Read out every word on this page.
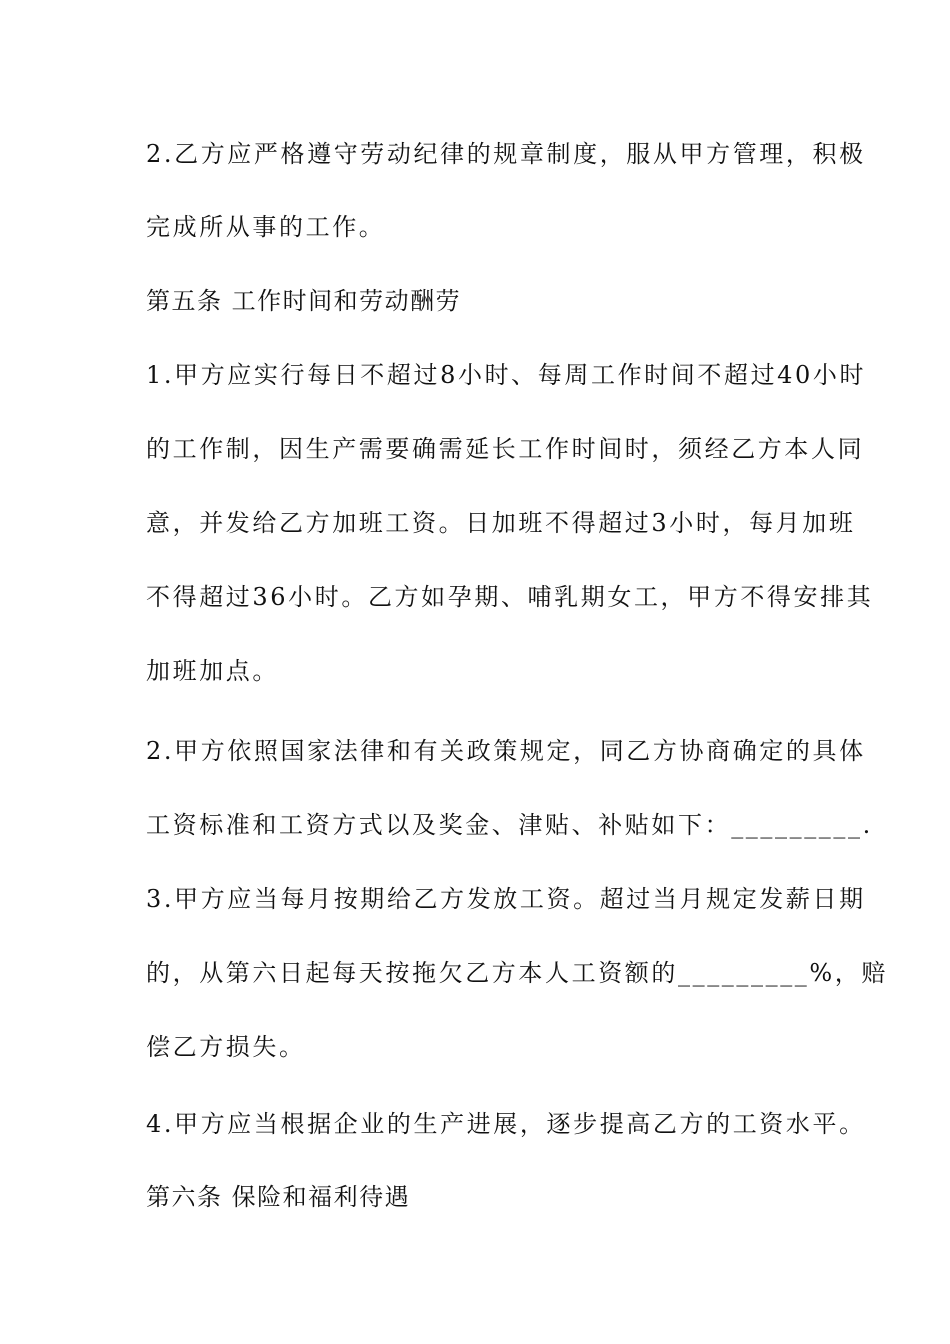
2.乙方应严格遵守劳动纪律的规章制度，服从甲方管理，积极
完成所从事的工作。
第五条 工作时间和劳动酬劳
1.甲方应实行每日不超过8小时、每周工作时间不超过40小时
的工作制，因生产需要确需延长工作时间时，须经乙方本人同
意，并发给乙方加班工资。日加班不得超过3小时，每月加班
不得超过36小时。乙方如孕期、哺乳期女工，甲方不得安排其
加班加点。
2.甲方依照国家法律和有关政策规定，同乙方协商确定的具体
工资标准和工资方式以及奖金、津贴、补贴如下：_________.
3.甲方应当每月按期给乙方发放工资。超过当月规定发薪日期
的，从第六日起每天按拖欠乙方本人工资额的_________%，赔
偿乙方损失。
4.甲方应当根据企业的生产进展，逐步提高乙方的工资水平。
第六条 保险和福利待遇
